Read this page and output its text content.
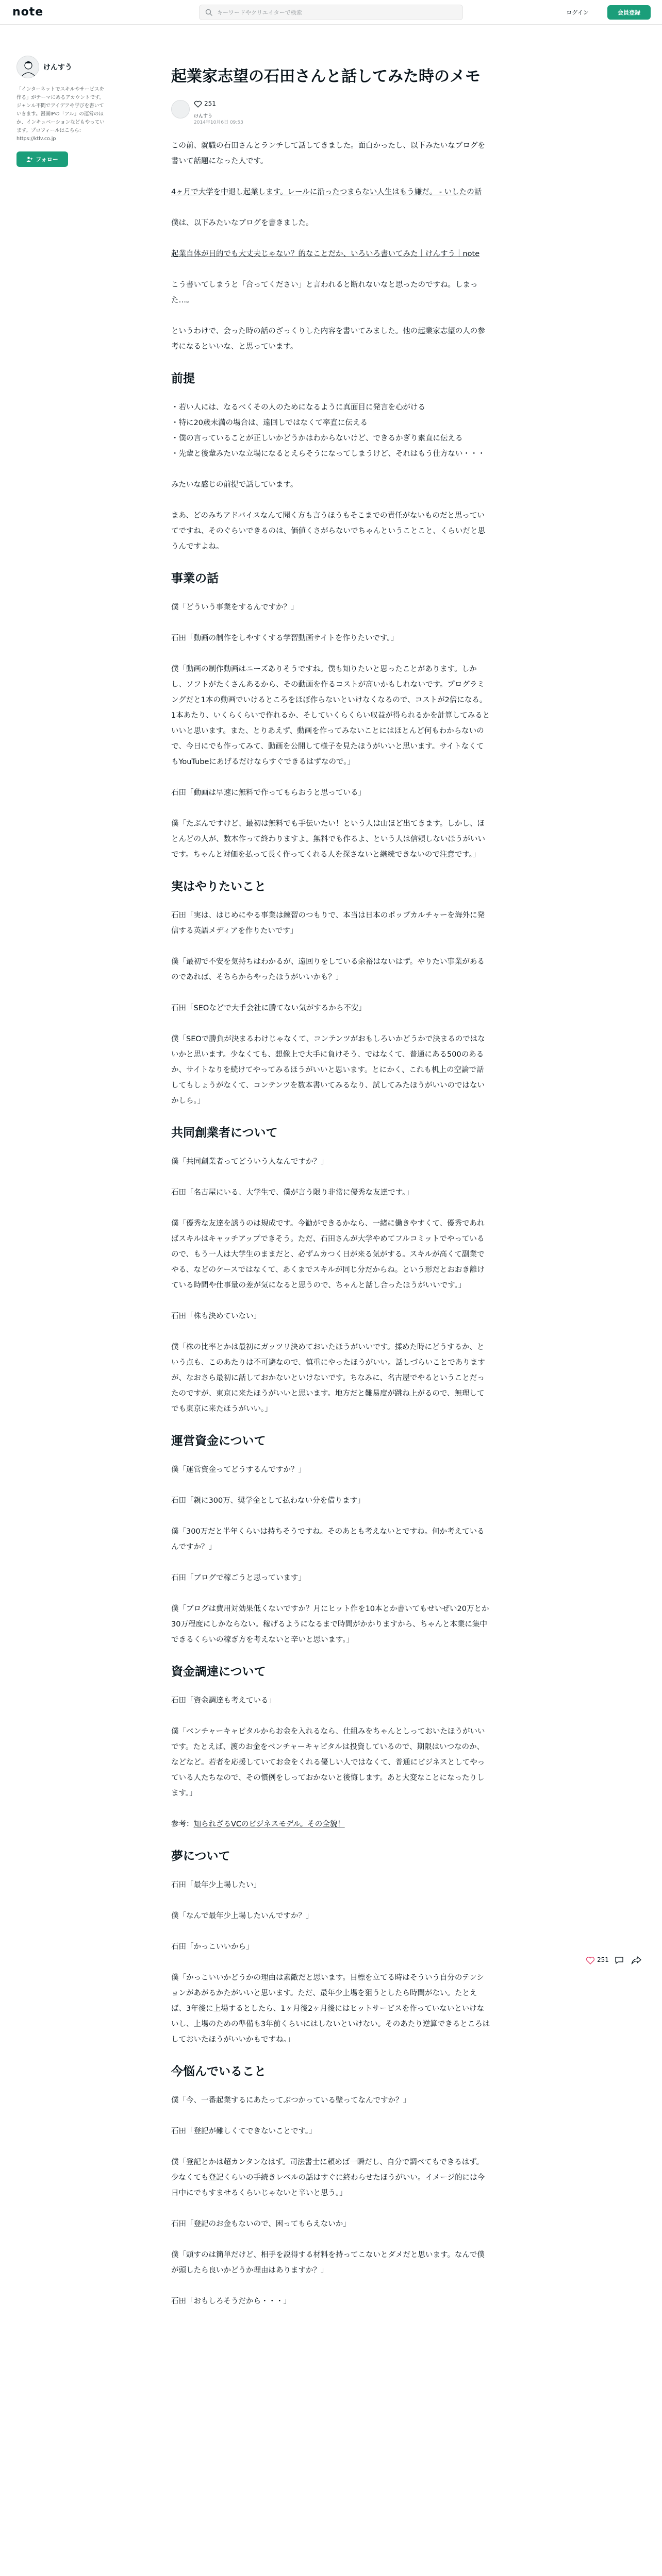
note
キーワードやクリエイターで検索	ログイン	会員登録
けんすう
「インターネットでスキルやサービスを作る」がテーマにあるアカウントです。ジャンル不問でアイデアや学びを書いていきます。漫画IPの「アル」の運営のほか、インキュベーションなどもやっています。プロフィールはこちら: https://ktlv.co.jp
フォロー
起業家志望の石田さんと話してみた時のメモ
251
けんすう
2014年10月6日 09:53

この前、就職の石田さんとランチして話してきました。面白かったし、以下みたいなブログを書いて話題になった人です。

4ヶ月で大学を中退し起業します。レールに沿ったつまらない人生はもう嫌だ。 - いしたの話

僕は、以下みたいなブログを書きました。

起業自体が目的でも大丈夫じゃない？的なことだか、いろいろ書いてみた｜けんすう｜note

こう書いてしまうと「合ってください」と言われると断れないなと思ったのですね。しまった…。

というわけで、会った時の話のざっくりした内容を書いてみました。他の起業家志望の人の参考になるといいな、と思っています。

前提

・若い人には、なるべくその人のためになるように真面目に発言を心がける
・特に20歳未満の場合は、遠回しではなくて率直に伝える
・僕の言っていることが正しいかどうかはわからないけど、できるかぎり素直に伝える
・先輩と後輩みたいな立場になるとえらそうになってしまうけど、それはもう仕方ない・・・

みたいな感じの前提で話しています。

まあ、どのみちアドバイスなんて聞く方も言うほうもそこまでの責任がないものだと思っていてですね、そのぐらいできるのは、価値くさがらないでちゃんということこと、くらいだと思うんですよね。

事業の話

僕「どういう事業をするんですか？」

石田「動画の制作をしやすくする学習動画サイトを作りたいです。」

僕「動画の制作動画はニーズありそうですね。僕も知りたいと思ったことがあります。しかし、ソフトがたくさんあるから、その動画を作るコストが高いかもしれないです。プログラミングだと1本の動画でいけるところをほぼ作らないといけなくなるので、コストが2倍になる。1本あたり、いくらくらいで作れるか、そしていくらくらい収益が得られるかを計算してみるといいと思います。また、とりあえず、動画を作ってみないことにはほとんど何もわからないので、今日にでも作ってみて、動画を公開して様子を見たほうがいいと思います。サイトなくてもYouTubeにあげるだけならすぐできるはずなので。」

石田「動画は早速に無料で作ってもらおうと思っている」

僕「たぶんですけど、最初は無料でも手伝いたい！という人は山ほど出てきます。しかし、ほとんどの人が、数本作って終わりますよ。無料でも作るよ、という人は信頼しないほうがいいです。ちゃんと対価を払って長く作ってくれる人を探さないと継続できないので注意です。」

実はやりたいこと

石田「実は、はじめにやる事業は練習のつもりで、本当は日本のポップカルチャーを海外に発信する英語メディアを作りたいです」

僕「最初で不安を気持ちはわかるが、遠回りをしている余裕はないはず。やりたい事業があるのであれば、そちらからやったほうがいいかも？」

石田「SEOなどで大手会社に勝てない気がするから不安」

僕「SEOで勝負が決まるわけじゃなくて、コンテンツがおもしろいかどうかで決まるのではないかと思います。少なくても、想像上で大手に負けそう、ではなくて、普通にある500のあるか、サイトなりを続けてやってみるほうがいいと思います。とにかく、これも机上の空論で話してもしょうがなくて、コンテンツを数本書いてみるなり、試してみたほうがいいのではないかしら。」

共同創業者について

僕「共同創業者ってどういう人なんですか？」

石田「名古屋にいる、大学生で、僕が言う限り非常に優秀な友達です。」

僕「優秀な友達を誘うのは規成です。今勧ができるかなら、一緒に働きやすくて、優秀であればスキルはキャッチアップできそう。ただ、石田さんが大学やめてフルコミットでやっているので、もう一人は大学生のままだと、必ずムカつく日が来る気がする。スキルが高くて副業でやる、などのケースではなくて、あくまでスキルが同じ分だからね。という形だとおおき離けている時間や仕事量の差が気になると思うので、ちゃんと話し合ったほうがいいです。」

石田「株も決めていない」

僕「株の比率とかは最初にガッツリ決めておいたほうがいいです。揉めた時にどうするか、という点も、このあたりは不可避なので、慎重にやったほうがいい。話しづらいことでありますが、なおさら最初に話しておかないといけないです。ちなみに、名古屋でやるということだったのですが、東京に来たほうがいいと思います。地方だと難易度が跳ね上がるので、無理してでも東京に来たほうがいい。」

運営資金について

僕「運営資金ってどうするんですか？」

石田「親に300万、奨学金として払わない分を借ります」

僕「300万だと半年くらいは持ちそうですね。そのあとも考えないとですね。何か考えているんですか？」

石田「ブログで稼ごうと思っています」

僕「ブログは費用対効果低くないですか？月にヒット作を10本とか書いてもせいぜい20万とか30万程度にしかならない。稼げるようになるまで時間がかかりますから、ちゃんと本業に集中できるくらいの稼ぎ方を考えないと辛いと思います。」

資金調達について

石田「資金調達も考えている」

僕「ベンチャーキャピタルからお金を入れるなら、仕組みをちゃんとしっておいたほうがいいです。たとえば、渡のお金をベンチャーキャピタルは投資しているので、期限はいつなのか、などなど。若者を応援していてお金をくれる優しい人ではなくて、普通にビジネスとしてやっている人たちなので、その慣例をしっておかないと後悔します。あと大変なことになったりします。」

参考：知られざるVCのビジネスモデル。その全貌！

夢について

石田「最年少上場したい」

僕「なんで最年少上場したいんですか？」

石田「かっこいいから」

僕「かっこいいかどうかの理由は素敵だと思います。目標を立てる時はそういう自分のテンションがあがるかたがいいと思います。ただ、最年少上場を狙うとしたら時間がない。たとえば、3年後に上場するとしたら、1ヶ月後2ヶ月後にはヒットサービスを作っていないといけないし、上場のための準備も3年前くらいにはしないといけない。そのあたり逆算できるところはしておいたほうがいいかもですね。」

今悩んでいること

僕「今、一番起業するにあたってぶつかっている壁ってなんですか？」

石田「登記が難しくてできないことです。」

僕「登記とかは超カンタンなはず。司法書士に頼めば一瞬だし、自分で調べてもできるはず。少なくても登記くらいの手続きレベルの話はすぐに終わらせたほうがいい。イメージ的には今日中にでもすませるくらいじゃないと辛いと思う。」

石田「登記のお金もないので、困ってもらえないか」

僕「頭すのは簡単だけど、相手を説得する材料を持ってこないとダメだと思います。なんで僕が頭したら良いかどうか理由はありますか？」

石田「おもしろそうだから・・・」

251
